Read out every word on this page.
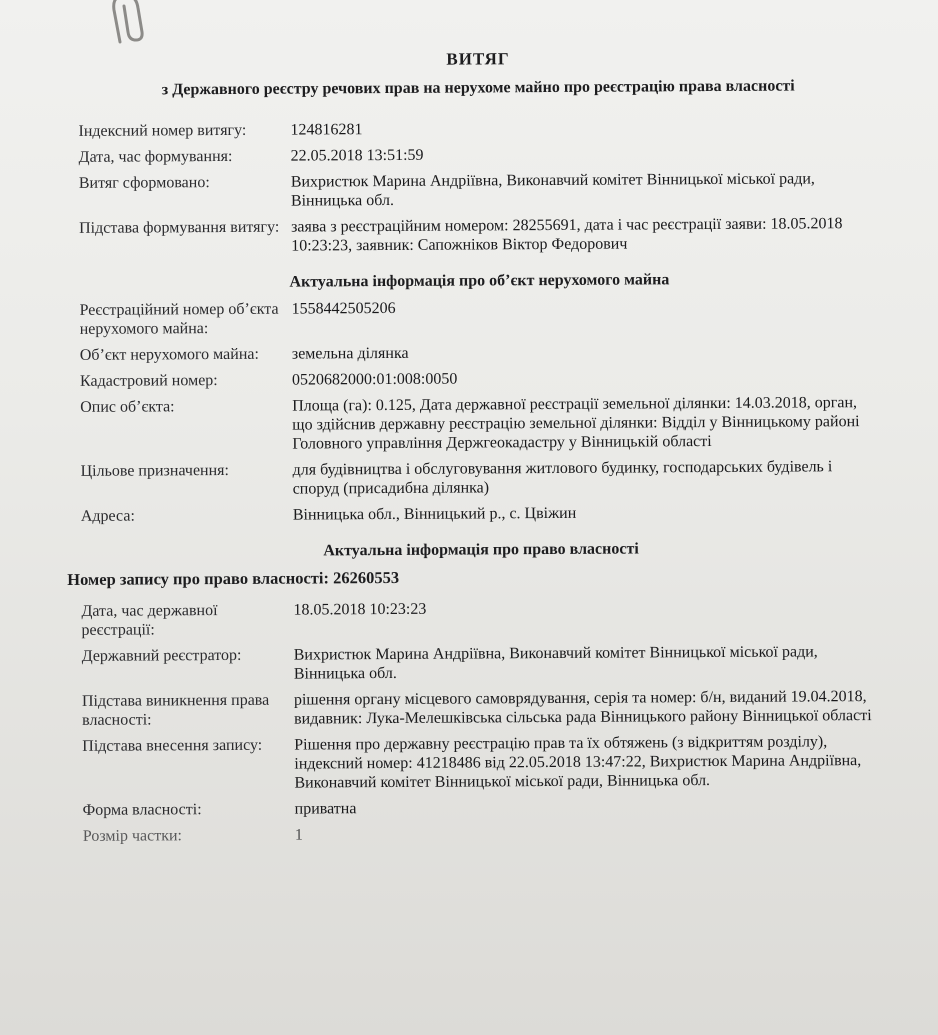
ВИТЯГ
з Державного реєстру речових прав на нерухоме майно про реєстрацію права власності
Індексний номер витягу:	124816281
Дата, час формування:	22.05.2018 13:51:59
Витяг сформовано:	Вихристюк Марина Андріївна, Виконавчий комітет Вінницької міської ради, Вінницька обл.
Підстава формування витягу: заява з реєстраційним номером: 28255691, дата і час реєстрації заяви: 18.05.2018 10:23:23, заявник: Сапожніков Віктор Федорович
Актуальна інформація про об’єкт нерухомого майна
Реєстраційний номер об’єкта нерухомого майна:
1558442505206
Об’єкт нерухомого майна:	земельна ділянка
Кадастровий номер:	0520682000:01:008:0050
Опис об’єкта:	Площа (га): 0.125, Дата державної реєстрації земельної ділянки: 14.03.2018, орган, що здійснив державну реєстрацію земельної ділянки: Відділ у Вінницькому районі Головного управління Держгеокадастру у Вінницькій області
Цільове призначення:	для будівництва і обслуговування житлового будинку, господарських будівель і споруд (присадибна ділянка)
Адреса:	Вінницька обл., Вінницький р., с. Цвіжин
Актуальна інформація про право власності
Номер запису про право власності: 26260553
Дата, час державної реєстрації:
18.05.2018 10:23:23
Державний реєстратор:	Вихристюк Марина Андріївна, Виконавчий комітет Вінницької міської ради, Вінницька обл.
Підстава виникнення права власності:
рішення органу місцевого самоврядування, серія та номер: б/н, виданий 19.04.2018, видавник: Лука-Мелешківська сільська рада Вінницького району Вінницької області
Підстава внесення запису:	Рішення про державну реєстрацію прав та їх обтяжень (з відкриттям розділу), індексний номер: 41218486 від 22.05.2018 13:47:22, Вихристюк Марина Андріївна, Виконавчий комітет Вінницької міської ради, Вінницька обл.
Форма власності:	приватна
Розмір частки:	1
